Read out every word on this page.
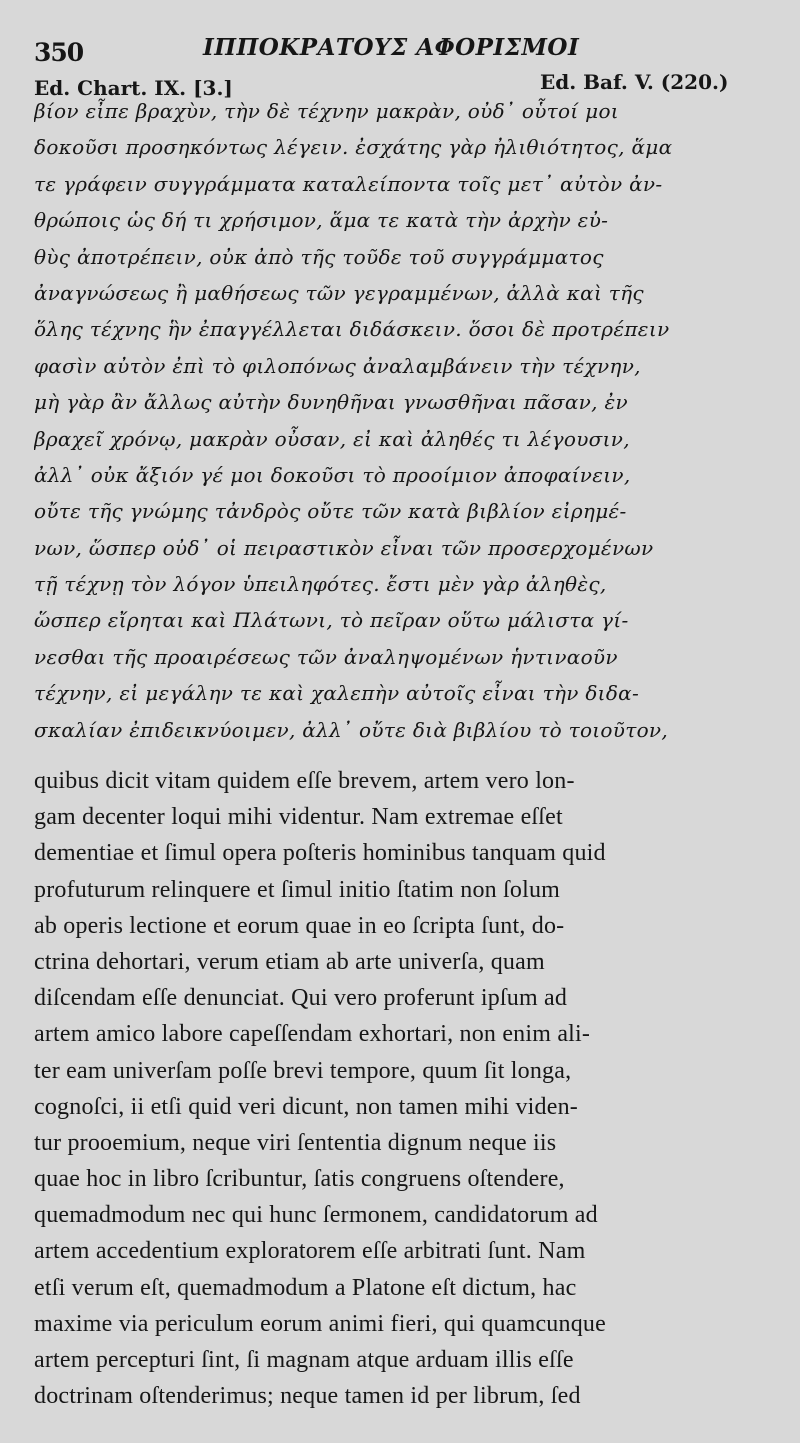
350	ΙΠΠΟΚΡΑΤΟΥΣ ΑΦΟΡΙΣΜΟΙ
Ed. Chart. IX. [3.]	Ed. Baf. V. (220.)
βίον εἶπε βραχὺν, τὴν δὲ τέχνην μακρὰν, οὐδ᾽ οὗτοί μοι
δοκοῦσι προσηκόντως λέγειν. ἐσχάτης γὰρ ἠλιθιότητος, ἅμα
τε γράφειν συγγράμματα καταλείποντα τοῖς μετ᾽ αὐτὸν ἀν-
θρώποις ὡς δή τι χρήσιμον, ἅμα τε κατὰ τὴν ἀρχὴν εὐ-
θὺς ἀποτρέπειν, οὐκ ἀπὸ τῆς τοῦδε τοῦ συγγράμματος
ἀναγνώσεως ἢ μαθήσεως τῶν γεγραμμένων, ἀλλὰ καὶ τῆς
ὅλης τέχνης ἣν ἐπαγγέλλεται διδάσκειν. ὅσοι δὲ προτρέπειν
φασὶν αὐτὸν ἐπὶ τὸ φιλοπόνως ἀναλαμβάνειν τὴν τέχνην,
μὴ γὰρ ἂν ἄλλως αὐτὴν δυνηθῆναι γνωσθῆναι πᾶσαν, ἐν
βραχεῖ χρόνῳ, μακρὰν οὖσαν, εἰ καὶ ἀληθές τι λέγουσιν,
ἀλλ᾽ οὐκ ἄξιόν γέ μοι δοκοῦσι τὸ προοίμιον ἀποφαίνειν,
οὔτε τῆς γνώμης τἀνδρὸς οὔτε τῶν κατὰ βιβλίον εἰρημέ-
νων, ὥσπερ οὐδ᾽ οἱ πειραστικὸν εἶναι τῶν προσερχομένων
τῇ τέχνῃ τὸν λόγον ὑπειληφότες. ἔστι μὲν γὰρ ἀληθὲς,
ὥσπερ εἴρηται καὶ Πλάτωνι, τὸ πεῖραν οὕτω μάλιστα γί-
νεσθαι τῆς προαιρέσεως τῶν ἀναληψομένων ἡντιναοῦν
τέχνην, εἰ μεγάλην τε καὶ χαλεπὴν αὐτοῖς εἶναι τὴν διδα-
σκαλίαν ἐπιδεικνύοιμεν, ἀλλ᾽ οὔτε διὰ βιβλίου τὸ τοιοῦτον,
quibus dicit vitam quidem eſſe brevem, artem vero lon-
gam decenter loqui mihi videntur. Nam extremae eſſet
dementiae et ſimul opera poſteris hominibus tanquam quid
profuturum relinquere et ſimul initio ſtatim non ſolum
ab operis lectione et eorum quae in eo ſcripta ſunt, do-
ctrina dehortari, verum etiam ab arte univerſa, quam
diſcendam eſſe denunciat. Qui vero proferunt ipſum ad
artem amico labore capeſſendam exhortari, non enim ali-
ter eam univerſam poſſe brevi tempore, quum ſit longa,
cognoſci, ii etſi quid veri dicunt, non tamen mihi viden-
tur prooemium, neque viri ſententia dignum neque iis
quae hoc in libro ſcribuntur, ſatis congruens oſtendere,
quemadmodum nec qui hunc ſermonem, candidatorum ad
artem accedentium exploratorem eſſe arbitrati ſunt. Nam
etſi verum eſt, quemadmodum a Platone eſt dictum, hac
maxime via periculum eorum animi fieri, qui quamcunque
artem percepturi ſint, ſi magnam atque arduam illis eſſe
doctrinam oſtenderimus; neque tamen id per librum, ſed
